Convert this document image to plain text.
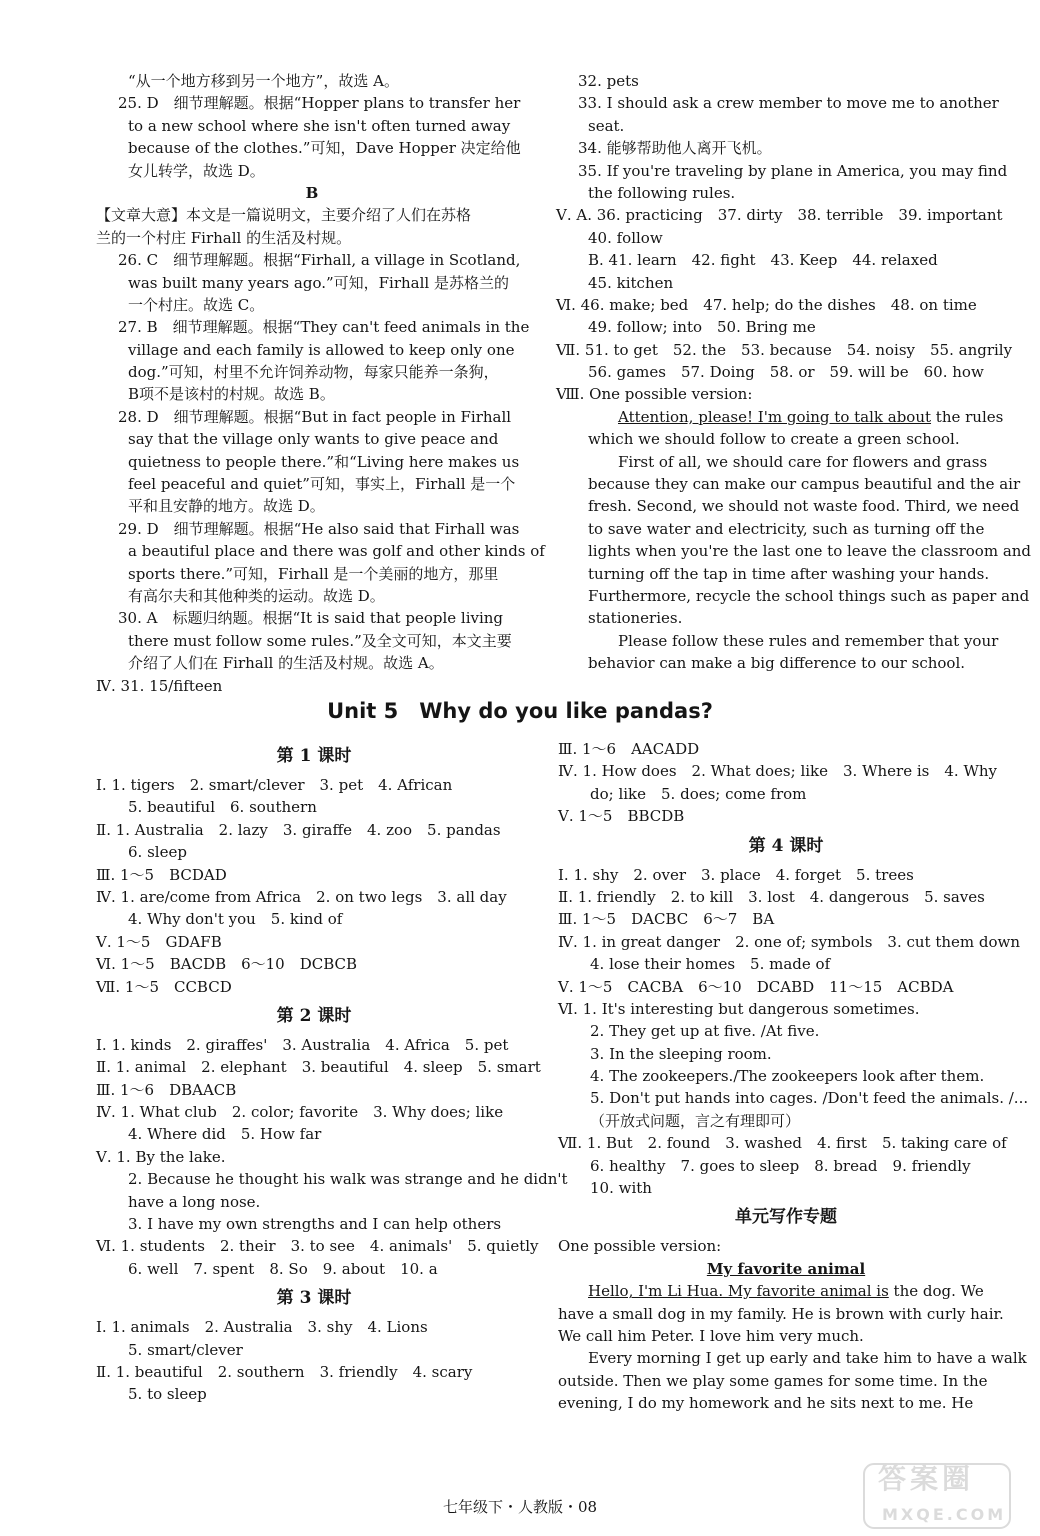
“从一个地方移到另一个地方”，故选 A。
25. D　细节理解题。根据“Hopper plans to transfer her
to a new school where she isn't often turned away
because of the clothes.”可知，Dave Hopper 决定给他
女儿转学，故选 D。
B
【文章大意】本文是一篇说明文，主要介绍了人们在苏格
兰的一个村庄 Firhall 的生活及村规。
26. C　细节理解题。根据“Firhall, a village in Scotland,
was built many years ago.”可知，Firhall 是苏格兰的
一个村庄。故选 C。
27. B　细节理解题。根据“They can't feed animals in the
village and each family is allowed to keep only one
dog.”可知，村里不允许饲养动物，每家只能养一条狗，
B项不是该村的村规。故选 B。
28. D　细节理解题。根据“But in fact people in Firhall
say that the village only wants to give peace and
quietness to people there.”和“Living here makes us
feel peaceful and quiet”可知，事实上，Firhall 是一个
平和且安静的地方。故选 D。
29. D　细节理解题。根据“He also said that Firhall was
a beautiful place and there was golf and other kinds of
sports there.”可知，Firhall 是一个美丽的地方，那里
有高尔夫和其他种类的运动。故选 D。
30. A　标题归纳题。根据“It is said that people living
there must follow some rules.”及全文可知，本文主要
介绍了人们在 Firhall 的生活及村规。故选 A。
Ⅳ. 31. 15/fifteen
32. pets
33. I should ask a crew member to move me to another
seat.
34. 能够帮助他人离开飞机。
35. If you're traveling by plane in America, you may find
the following rules.
Ⅴ. A. 36. practicing　37. dirty　38. terrible　39. important
40. follow
B. 41. learn　42. fight　43. Keep　44. relaxed
45. kitchen
Ⅵ. 46. make; bed　47. help; do the dishes　48. on time
49. follow; into　50. Bring me
Ⅶ. 51. to get　52. the　53. because　54. noisy　55. angrily
56. games　57. Doing　58. or　59. will be　60. how
Ⅷ. One possible version:
Attention, please! I'm going to talk about the rules
which we should follow to create a green school.
First of all, we should care for flowers and grass
because they can make our campus beautiful and the air
fresh. Second, we should not waste food. Third, we need
to save water and electricity, such as turning off the
lights when you're the last one to leave the classroom and
turning off the tap in time after washing your hands.
Furthermore, recycle the school things such as paper and
stationeries.
Please follow these rules and remember that your
behavior can make a big difference to our school.
Unit 5　Why do you like pandas?
第 1 课时
Ⅰ. 1. tigers　2. smart/clever　3. pet　4. African
5. beautiful　6. southern
Ⅱ. 1. Australia　2. lazy　3. giraffe　4. zoo　5. pandas
6. sleep
Ⅲ. 1～5　BCDAD
Ⅳ. 1. are/come from Africa　2. on two legs　3. all day
4. Why don't you　5. kind of
Ⅴ. 1～5　GDAFB
Ⅵ. 1～5　BACDB　6～10　DCBCB
Ⅶ. 1～5　CCBCD
第 2 课时
Ⅰ. 1. kinds　2. giraffes'　3. Australia　4. Africa　5. pet
Ⅱ. 1. animal　2. elephant　3. beautiful　4. sleep　5. smart
Ⅲ. 1～6　DBAACB
Ⅳ. 1. What club　2. color; favorite　3. Why does; like
4. Where did　5. How far
Ⅴ. 1. By the lake.
2. Because he thought his walk was strange and he didn't
have a long nose.
3. I have my own strengths and I can help others
Ⅵ. 1. students　2. their　3. to see　4. animals'　5. quietly
6. well　7. spent　8. So　9. about　10. a
第 3 课时
Ⅰ. 1. animals　2. Australia　3. shy　4. Lions
5. smart/clever
Ⅱ. 1. beautiful　2. southern　3. friendly　4. scary
5. to sleep
Ⅲ. 1～6　AACADD
Ⅳ. 1. How does　2. What does; like　3. Where is　4. Why
do; like　5. does; come from
Ⅴ. 1～5　BBCDB
第 4 课时
Ⅰ. 1. shy　2. over　3. place　4. forget　5. trees
Ⅱ. 1. friendly　2. to kill　3. lost　4. dangerous　5. saves
Ⅲ. 1～5　DACBC　6～7　BA
Ⅳ. 1. in great danger　2. one of; symbols　3. cut them down
4. lose their homes　5. made of
Ⅴ. 1～5　CACBA　6～10　DCABD　11～15　ACBDA
Ⅵ. 1. It's interesting but dangerous sometimes.
2. They get up at five. /At five.
3. In the sleeping room.
4. The zookeepers./The zookeepers look after them.
5. Don't put hands into cages. /Don't feed the animals. /...
（开放式问题，言之有理即可）
Ⅶ. 1. But　2. found　3. washed　4. first　5. taking care of
6. healthy　7. goes to sleep　8. bread　9. friendly
10. with
单元写作专题
One possible version:
My favorite animal
Hello, I'm Li Hua. My favorite animal is the dog. We
have a small dog in my family. He is brown with curly hair.
We call him Peter. I love him very much.
Every morning I get up early and take him to have a walk
outside. Then we play some games for some time. In the
evening, I do my homework and he sits next to me. He
七年级下・人教版・08
答案圈
MXQE.COM
